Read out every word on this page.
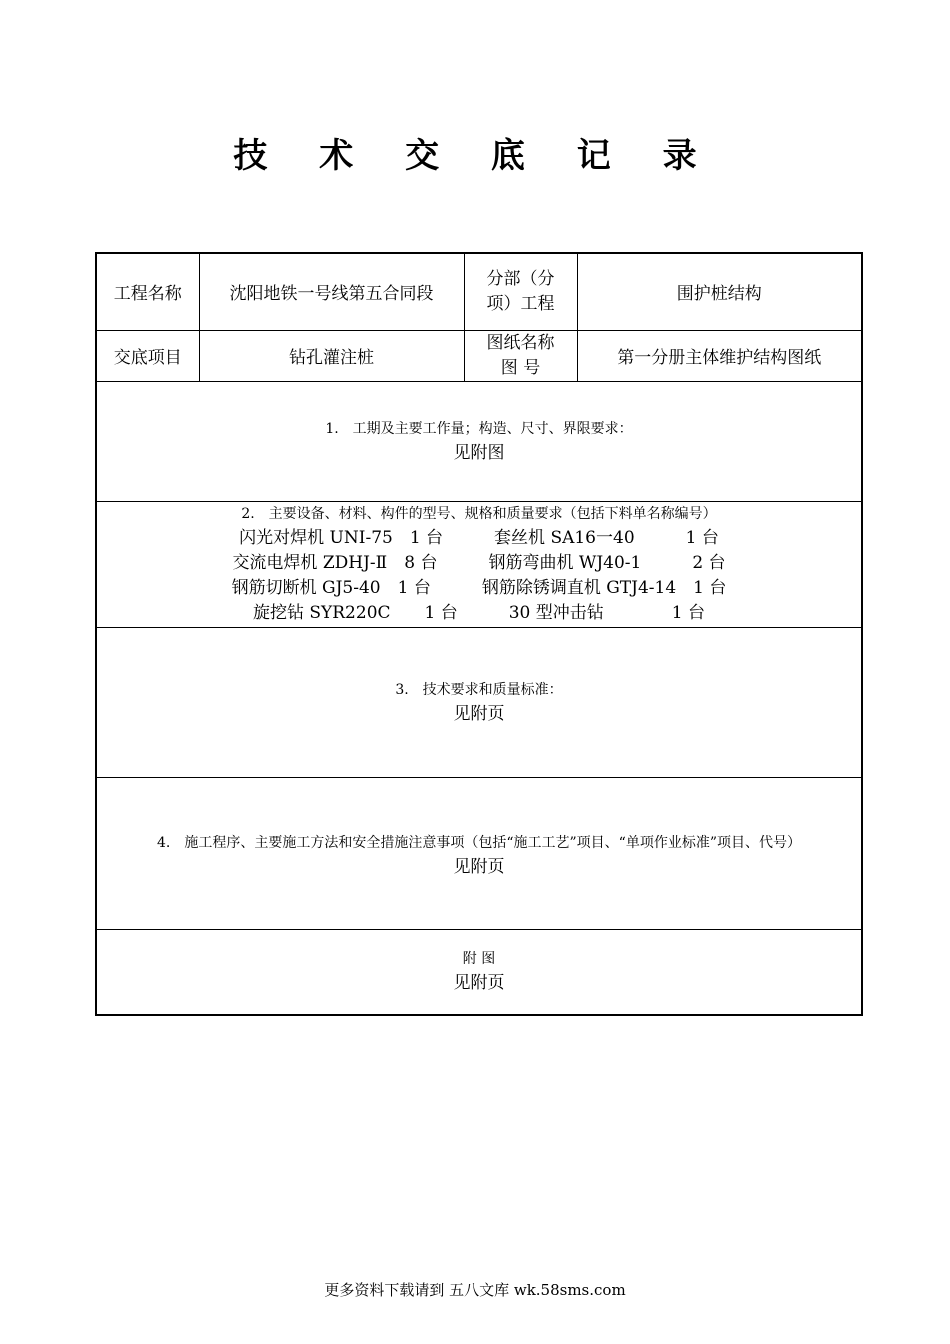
技 术 交 底 记 录
工程名称	沈阳地铁一号线第五合同段	分部（分项）工程	围护桩结构
交底项目	钻孔灌注桩	图纸名称 图 号	第一分册主体维护结构图纸

1.　工期及主要工作量；构造、尺寸、界限要求：
见附图			

2.　主要设备、材料、构件的型号、规格和质量要求（包括下料单名称编号）
闪光对焊机 UNI-75　1 台　　　套丝机 SA16一40　　　1 台
交流电焊机 ZDHJ-Ⅱ　8 台　　　钢筋弯曲机 WJ40-1　　　2 台
钢筋切断机 GJ5-40　1 台　　　钢筋除锈调直机 GTJ4-14　1 台
旋挖钻 SYR220C　　1 台　　　30 型冲击钻　　　　1 台			

3.　技术要求和质量标准：
见附页			

4.　施工程序、主要施工方法和安全措施注意事项（包括“施工工艺”项目、“单项作业标准”项目、代号）
见附页			

附 图
见附页			
更多资料下载请到 五八文库 wk.58sms.com
